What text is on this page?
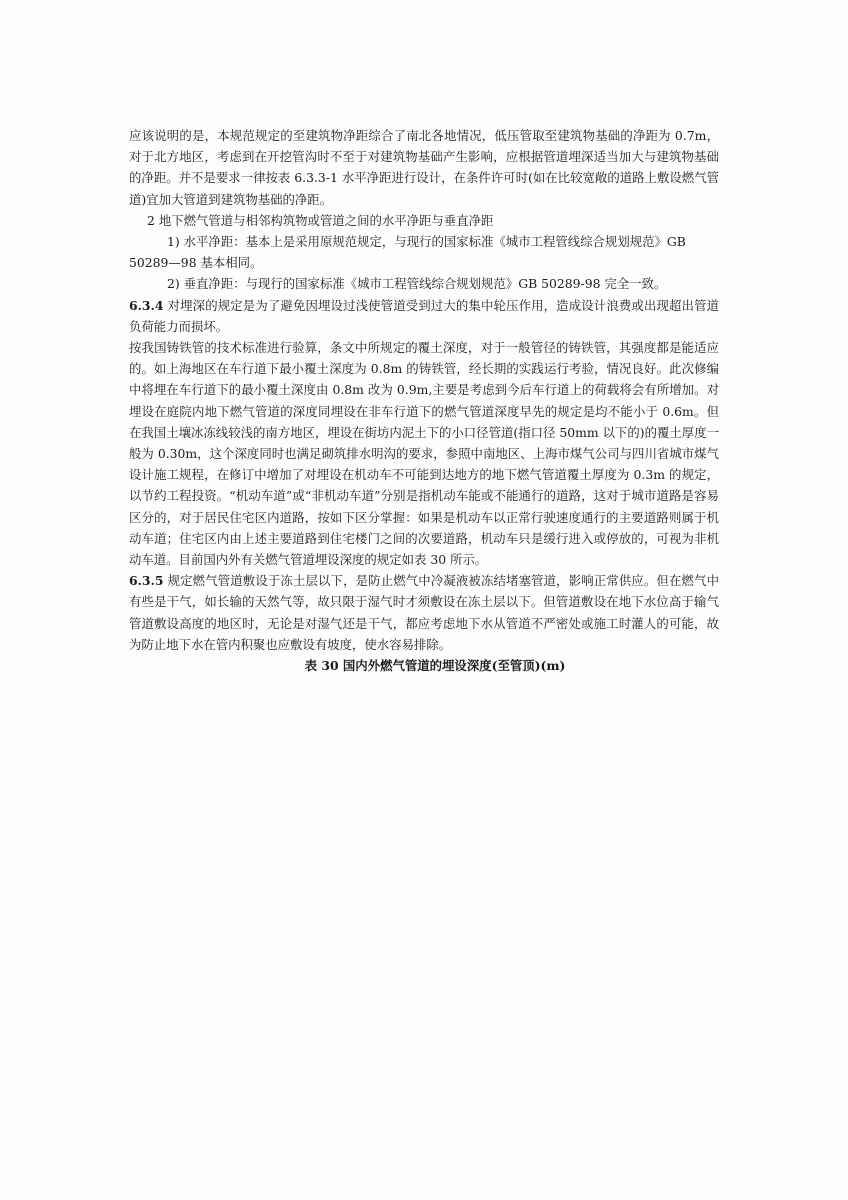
应该说明的是，本规范规定的至建筑物净距综合了南北各地情况，低压管取至建筑物基础的净距为 0.7m，对于北方地区，考虑到在开挖管沟时不至于对建筑物基础产生影响，应根据管道埋深适当加大与建筑物基础的净距。并不是要求一律按表 6.3.3-1 水平净距进行设计，在条件许可时(如在比较宽敞的道路上敷设燃气管道)宜加大管道到建筑物基础的净距。

2 地下燃气管道与相邻构筑物或管道之间的水平净距与垂直净距

1) 水平净距：基本上是采用原规范规定，与现行的国家标准《城市工程管线综合规划规范》GB

50289—98 基本相同。

2) 垂直净距：与现行的国家标准《城市工程管线综合规划规范》GB 50289-98 完全一致。

6.3.4 对埋深的规定是为了避免因埋设过浅使管道受到过大的集中轮压作用，造成设计浪费或出现超出管道负荷能力而损坏。

按我国铸铁管的技术标准进行验算，条文中所规定的覆土深度，对于一般管径的铸铁管，其强度都是能适应的。如上海地区在车行道下最小覆土深度为 0.8m 的铸铁管，经长期的实践运行考验，情况良好。此次修编中将埋在车行道下的最小覆土深度由 0.8m 改为 0.9m,主要是考虑到今后车行道上的荷载将会有所增加。对埋设在庭院内地下燃气管道的深度同埋设在非车行道下的燃气管道深度早先的规定是均不能小于 0.6m。但在我国土壤冰冻线较浅的南方地区，埋设在街坊内泥土下的小口径管道(指口径 50mm 以下的)的覆土厚度一般为 0.30m，这个深度同时也满足砌筑排水明沟的要求，参照中南地区、上海市煤气公司与四川省城市煤气设计施工规程，在修订中增加了对埋设在机动车不可能到达地方的地下燃气管道覆土厚度为 0.3m 的规定，以节约工程投资。“机动车道”或“非机动车道”分别是指机动车能或不能通行的道路，这对于城市道路是容易区分的，对于居民住宅区内道路，按如下区分掌握：如果是机动车以正常行驶速度通行的主要道路则属于机动车道；住宅区内由上述主要道路到住宅楼门之间的次要道路，机动车只是缓行进入或停放的，可视为非机动车道。目前国内外有关燃气管道埋设深度的规定如表 30 所示。

6.3.5 规定燃气管道敷设于冻土层以下，是防止燃气中冷凝液被冻结堵塞管道，影响正常供应。但在燃气中有些是干气，如长输的天然气等，故只限于湿气时才须敷设在冻土层以下。但管道敷设在地下水位高于输气管道敷设高度的地区时，无论是对湿气还是干气，都应考虑地下水从管道不严密处或施工时灌人的可能，故为防止地下水在管内积聚也应敷设有坡度，使水容易排除。

表 30 国内外燃气管道的埋设深度(至管顶)(m)
